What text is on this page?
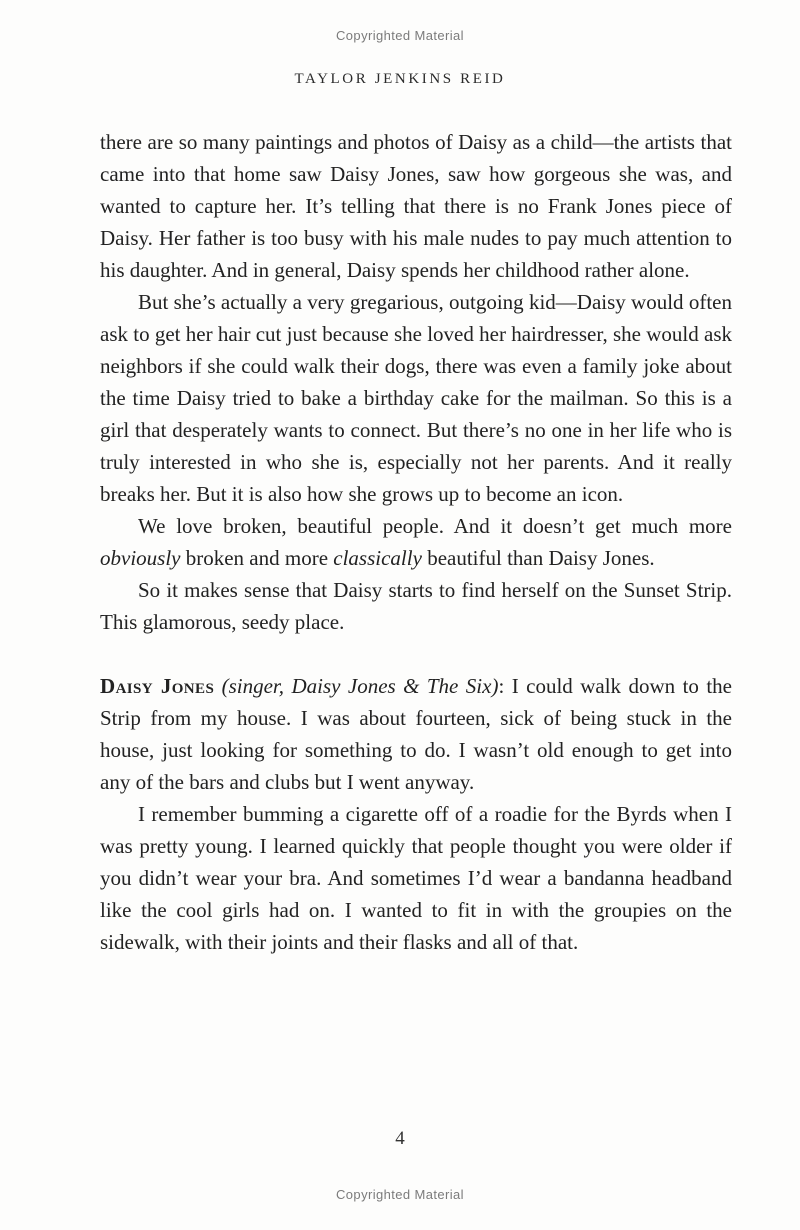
Copyrighted Material
TAYLOR JENKINS REID

there are so many paintings and photos of Daisy as a child—the artists that came into that home saw Daisy Jones, saw how gorgeous she was, and wanted to capture her. It’s telling that there is no Frank Jones piece of Daisy. Her father is too busy with his male nudes to pay much attention to his daughter. And in general, Daisy spends her childhood rather alone.

But she’s actually a very gregarious, outgoing kid—Daisy would often ask to get her hair cut just because she loved her hairdresser, she would ask neighbors if she could walk their dogs, there was even a family joke about the time Daisy tried to bake a birthday cake for the mailman. So this is a girl that desperately wants to connect. But there’s no one in her life who is truly interested in who she is, especially not her parents. And it really breaks her. But it is also how she grows up to become an icon.

We love broken, beautiful people. And it doesn’t get much more obviously broken and more classically beautiful than Daisy Jones.

So it makes sense that Daisy starts to find herself on the Sunset Strip. This glamorous, seedy place.

Daisy Jones (singer, Daisy Jones & The Six): I could walk down to the Strip from my house. I was about fourteen, sick of being stuck in the house, just looking for something to do. I wasn’t old enough to get into any of the bars and clubs but I went anyway.

I remember bumming a cigarette off of a roadie for the Byrds when I was pretty young. I learned quickly that people thought you were older if you didn’t wear your bra. And sometimes I’d wear a bandanna headband like the cool girls had on. I wanted to fit in with the groupies on the sidewalk, with their joints and their flasks and all of that.

4
Copyrighted Material
